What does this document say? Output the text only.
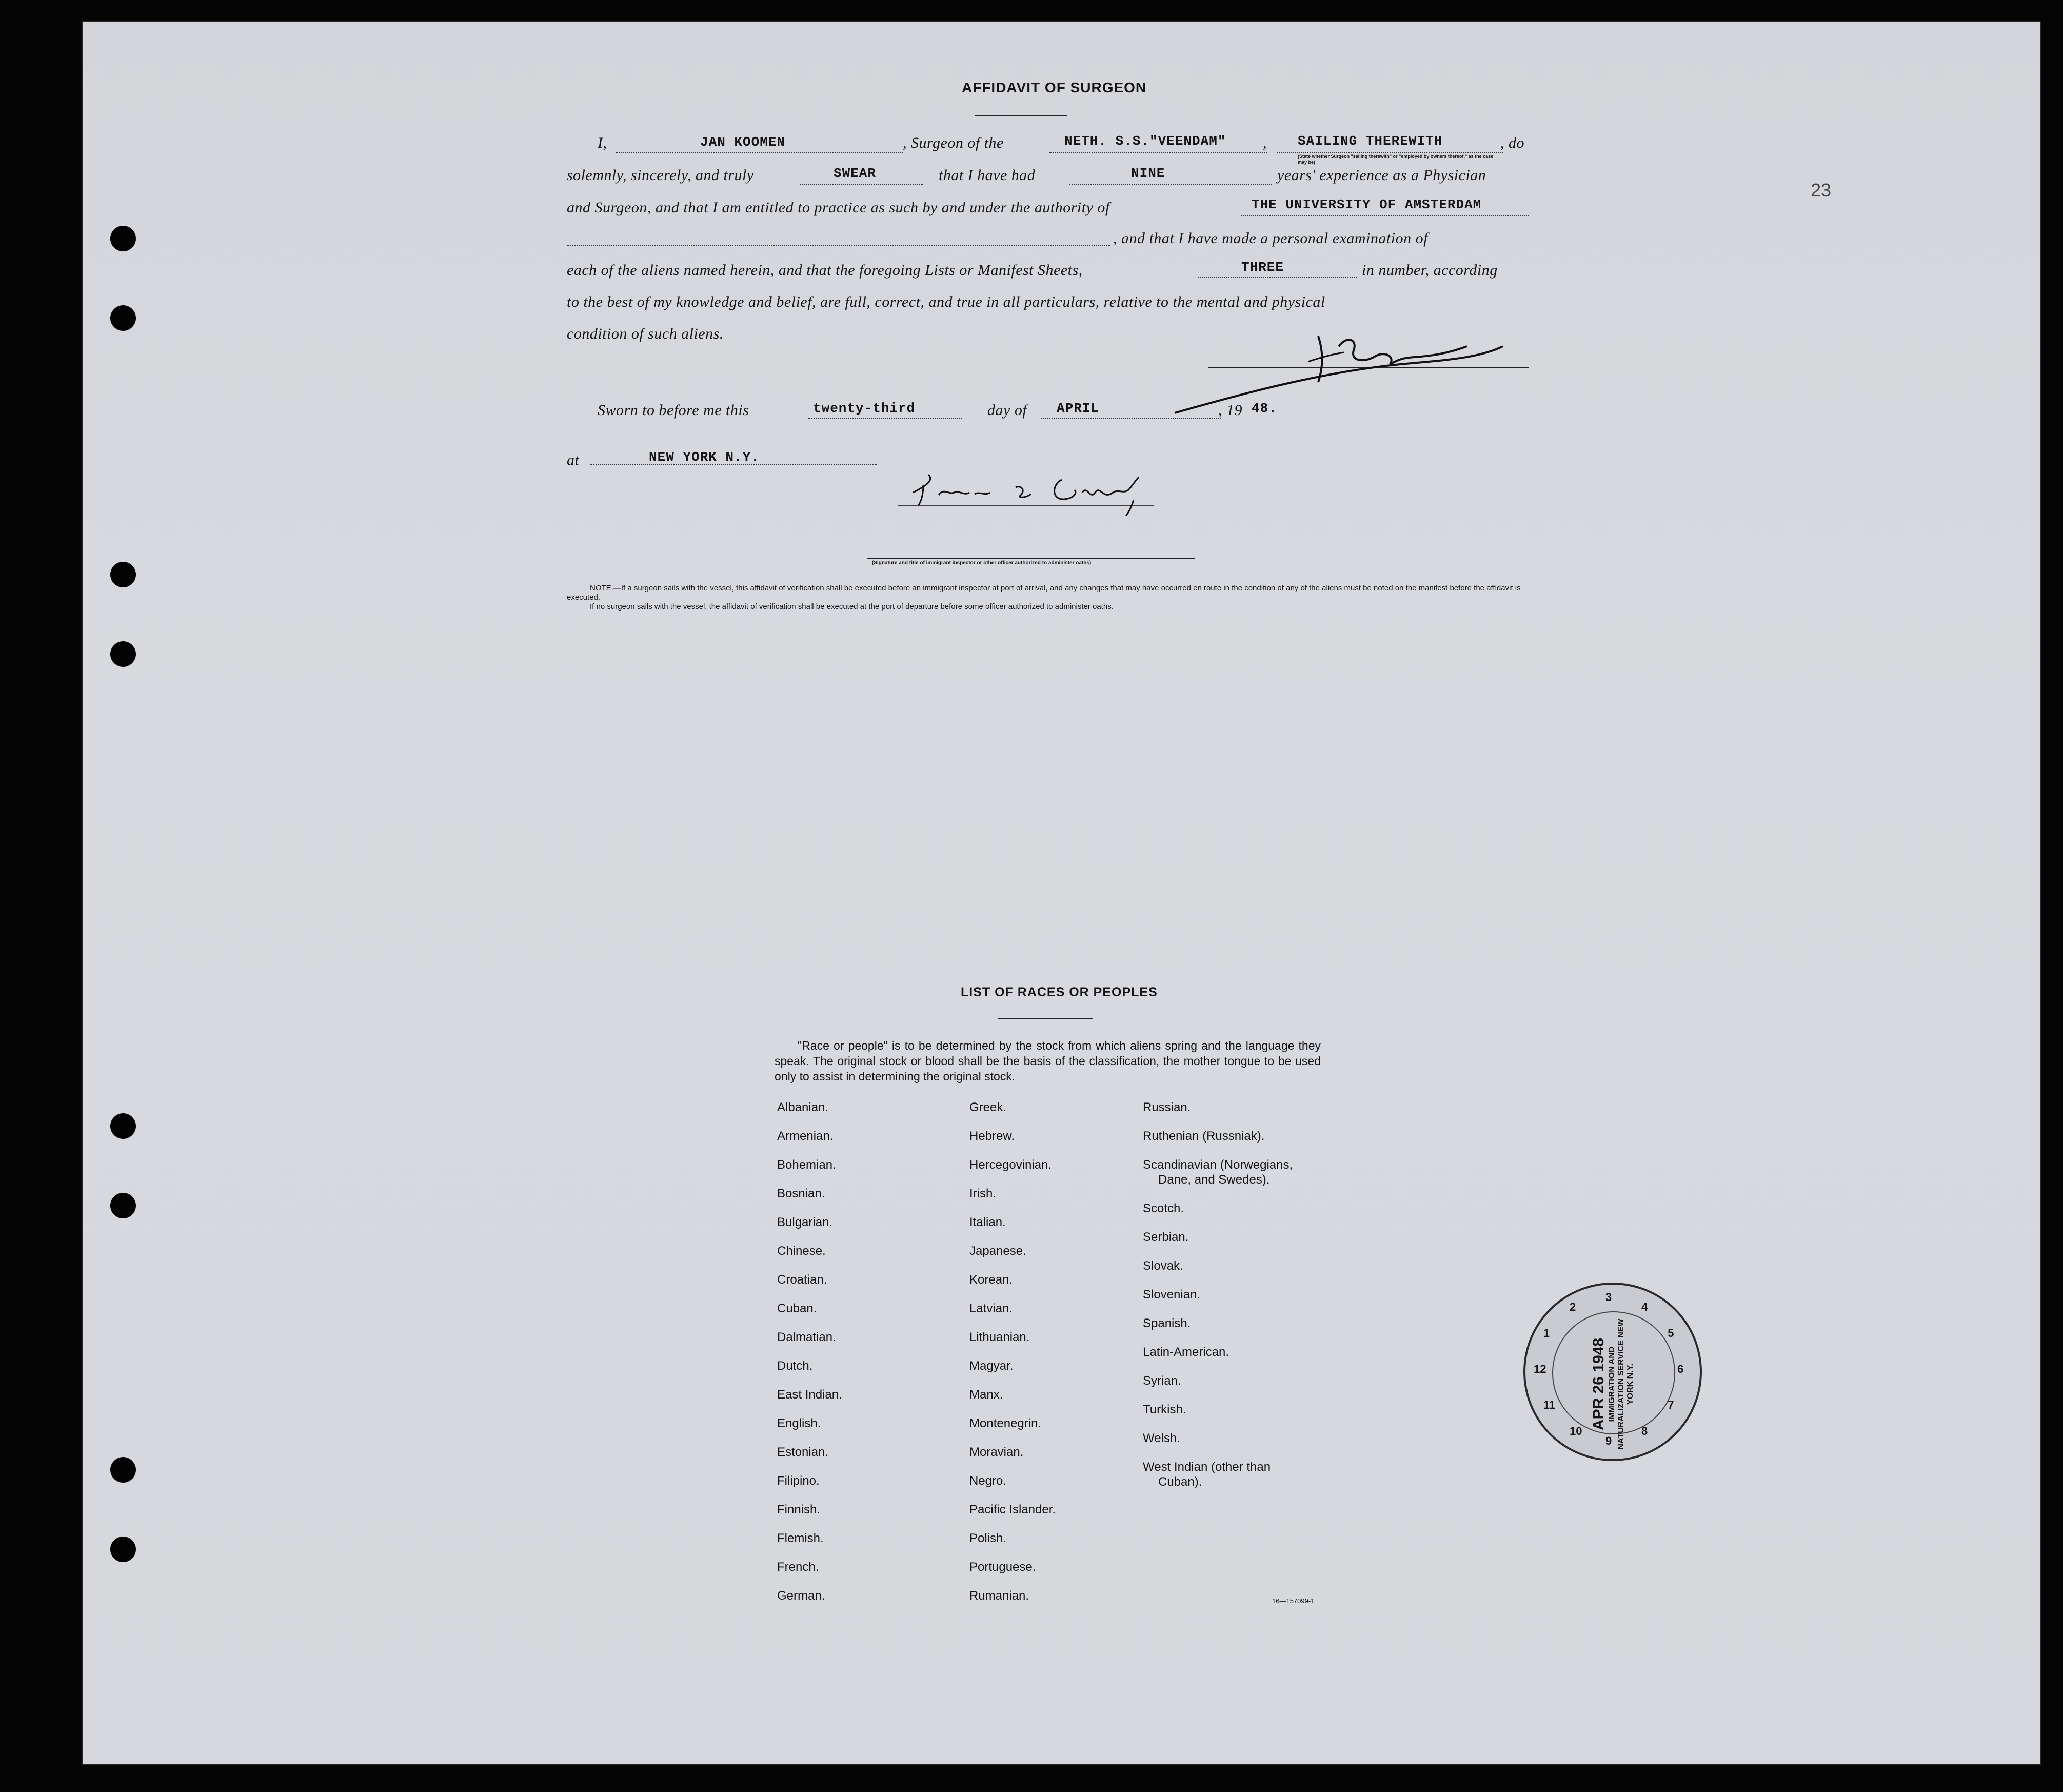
23
AFFIDAVIT OF SURGEON
I,	JAN KOOMEN	, Surgeon of the	NETH. S.S."VEENDAM" , SAILING THEREWITH	, do
(State whether Surgeon "sailing therewith" or "employed by owners thereof," as the case may be)
solemnly, sincerely, and truly	SWEAR	that I have had	NINE	years' experience as a Physician
and Surgeon, and that I am entitled to practice as such by and under the authority of	THE UNIVERSITY OF AMSTERDAM
, and that I have made a personal examination of
each of the aliens named herein, and that the foregoing Lists or Manifest Sheets,	THREE	in number, according
to the best of my knowledge and belief, are full, correct, and true in all particulars, relative to the mental and physical
condition of such aliens.
Sworn to before me this	twenty-third	day of APRIL	, 19 48.
at	NEW YORK N.Y.
(Signature and title of immigrant inspector or other officer authorized to administer oaths)
NOTE.—If a surgeon sails with the vessel, this affidavit of verification shall be executed before an immigrant inspector at port of arrival, and any changes that may have occurred en route in the condition of any of the aliens must be noted on the manifest before the affidavit is executed.
If no surgeon sails with the vessel, the affidavit of verification shall be executed at the port of departure before some officer authorized to administer oaths.
LIST OF RACES OR PEOPLES
"Race or people" is to be determined by the stock from which aliens spring and the language they speak. The original stock or blood shall be the basis of the classification, the mother tongue to be used only to assist in determining the original stock.
Albanian.
Armenian.
Bohemian.
Bosnian.
Bulgarian.
Chinese.
Croatian.
Cuban.
Dalmatian.
Dutch.
East Indian.
English.
Estonian.
Filipino.
Finnish.
Flemish.
French.
German.
Greek.
Hebrew.
Hercegovinian.
Irish.
Italian.
Japanese.
Korean.
Latvian.
Lithuanian.
Magyar.
Manx.
Montenegrin.
Moravian.
Negro.
Pacific Islander.
Polish.
Portuguese.
Rumanian.
Russian.
Ruthenian (Russniak).
Scandinavian (Norwegians,
Dane, and Swedes).
Scotch.
Serbian.
Slovak.
Slovenian.
Spanish.
Latin-American.
Syrian.
Turkish.
Welsh.
West Indian (other than
Cuban).
16—157099-1
APR 26 1948 IMMIGRATION AND NATURALIZATION SERVICE NEW YORK N.Y.
1
2
3
4
5
6
7
8
9
10
11
12
